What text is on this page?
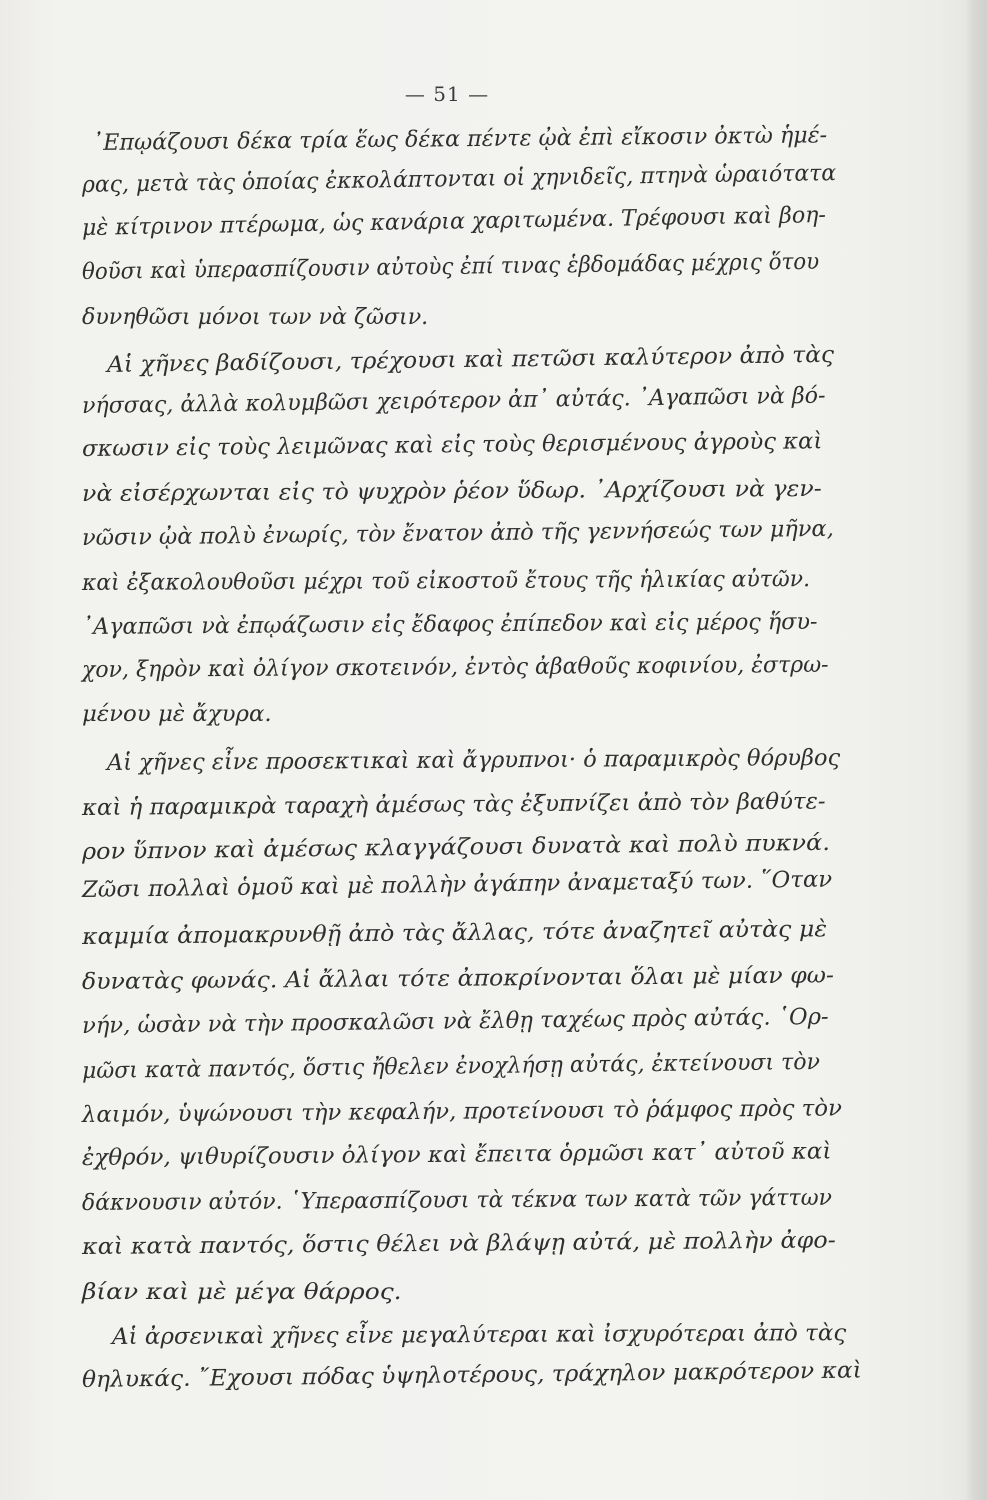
— 51 —
᾿Επῳάζουσι δέκα τρία ἕως δέκα πέντε ᾠὰ ἐπὶ εἴκοσιν ὀκτὼ ἡμέ-
ρας, μετὰ τὰς ὁποίας ἐκκολάπτονται οἱ χηνιδεῖς, πτηνὰ ὡραιότατα
μὲ κίτρινον πτέρωμα, ὡς κανάρια χαριτωμένα. Τρέφουσι καὶ βοη-
θοῦσι καὶ ὑπερασπίζουσιν αὐτοὺς ἐπί τινας ἑβδομάδας μέχρις ὅτου
δυνηθῶσι μόνοι των νὰ ζῶσιν.
Αἱ χῆνες βαδίζουσι, τρέχουσι καὶ πετῶσι καλύτερον ἀπὸ τὰς
νήσσας, ἀλλὰ κολυμβῶσι χειρότερον ἀπ᾿ αὐτάς. ᾿Αγαπῶσι νὰ βό-
σκωσιν εἰς τοὺς λειμῶνας καὶ εἰς τοὺς θερισμένους ἀγροὺς καὶ
νὰ εἰσέρχωνται εἰς τὸ ψυχρὸν ῥέον ὕδωρ. ᾿Αρχίζουσι νὰ γεν-
νῶσιν ᾠὰ πολὺ ἐνωρίς, τὸν ἔνατον ἀπὸ τῆς γεννήσεώς των μῆνα,
καὶ ἐξακολουθοῦσι μέχρι τοῦ εἰκοστοῦ ἔτους τῆς ἡλικίας αὐτῶν.
᾿Αγαπῶσι νὰ ἐπῳάζωσιν εἰς ἔδαφος ἐπίπεδον καὶ εἰς μέρος ἥσυ-
χον, ξηρὸν καὶ ὀλίγον σκοτεινόν, ἐντὸς ἀβαθοῦς κοφινίου, ἐστρω-
μένου μὲ ἄχυρα.
Αἱ χῆνες εἶνε προσεκτικαὶ καὶ ἄγρυπνοι· ὁ παραμικρὸς θόρυβος
καὶ ἡ παραμικρὰ ταραχὴ ἀμέσως τὰς ἐξυπνίζει ἀπὸ τὸν βαθύτε-
ρον ὕπνον καὶ ἀμέσως κλαγγάζουσι δυνατὰ καὶ πολὺ πυκνά.
Ζῶσι πολλαὶ ὁμοῦ καὶ μὲ πολλὴν ἀγάπην ἀναμεταξύ των. ῞Οταν
καμμία ἀπομακρυνθῇ ἀπὸ τὰς ἄλλας, τότε ἀναζητεῖ αὐτὰς μὲ
δυνατὰς φωνάς. Αἱ ἄλλαι τότε ἀποκρίνονται ὅλαι μὲ μίαν φω-
νήν, ὡσὰν νὰ τὴν προσκαλῶσι νὰ ἔλθῃ ταχέως πρὸς αὐτάς. ῾Ορ-
μῶσι κατὰ παντός, ὅστις ἤθελεν ἐνοχλήσῃ αὐτάς, ἐκτείνουσι τὸν
λαιμόν, ὑψώνουσι τὴν κεφαλήν, προτείνουσι τὸ ῥάμφος πρὸς τὸν
ἐχθρόν, ψιθυρίζουσιν ὀλίγον καὶ ἔπειτα ὁρμῶσι κατ᾿ αὐτοῦ καὶ
δάκνουσιν αὐτόν. ῾Υπερασπίζουσι τὰ τέκνα των κατὰ τῶν γάττων
καὶ κατὰ παντός, ὅστις θέλει νὰ βλάψῃ αὐτά, μὲ πολλὴν ἀφο-
βίαν καὶ μὲ μέγα θάρρος.
Αἱ ἀρσενικαὶ χῆνες εἶνε μεγαλύτεραι καὶ ἰσχυρότεραι ἀπὸ τὰς
θηλυκάς. ῎Εχουσι πόδας ὑψηλοτέρους, τράχηλον μακρότερον καὶ
